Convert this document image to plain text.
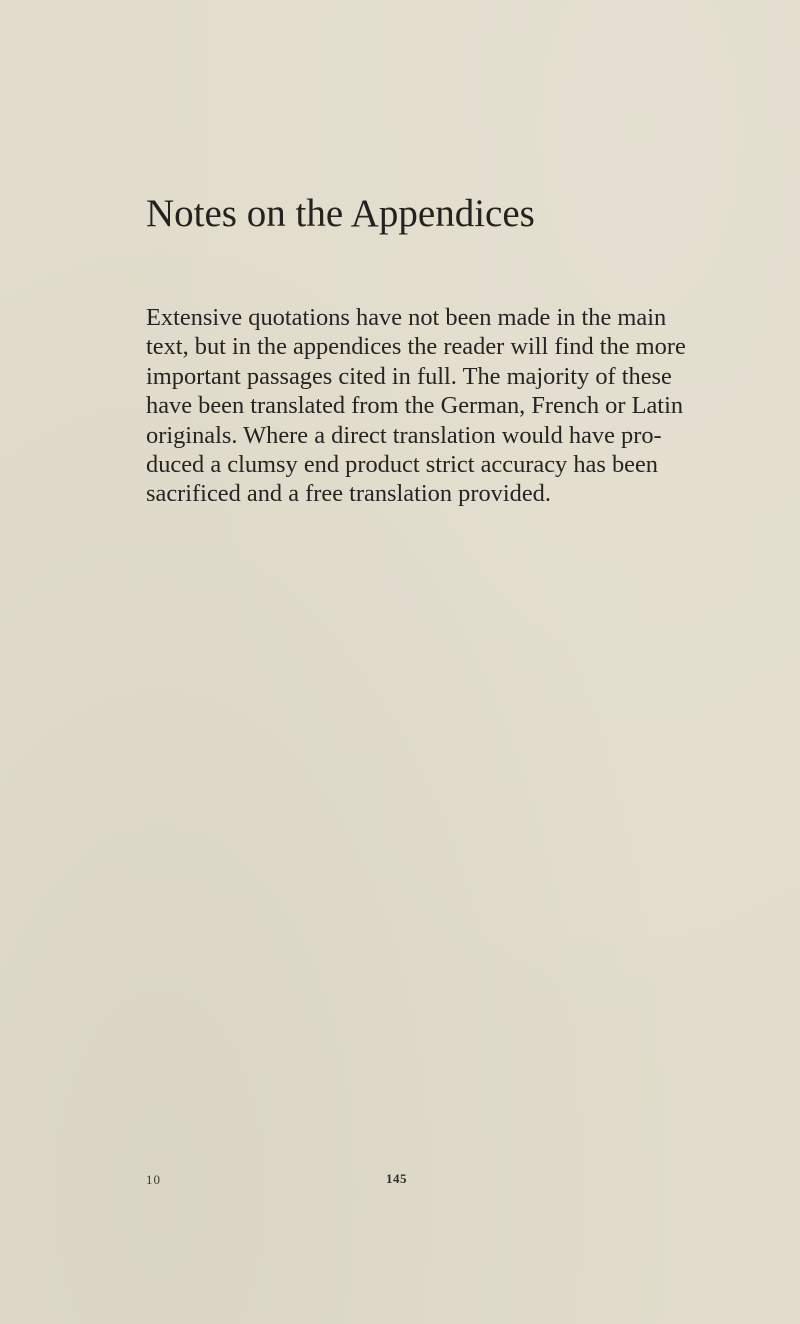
Notes on the Appendices
Extensive quotations have not been made in the main
text, but in the appendices the reader will find the more
important passages cited in full. The majority of these
have been translated from the German, French or Latin
originals. Where a direct translation would have pro-
duced a clumsy end product strict accuracy has been
sacrificed and a free translation provided.
10	145
